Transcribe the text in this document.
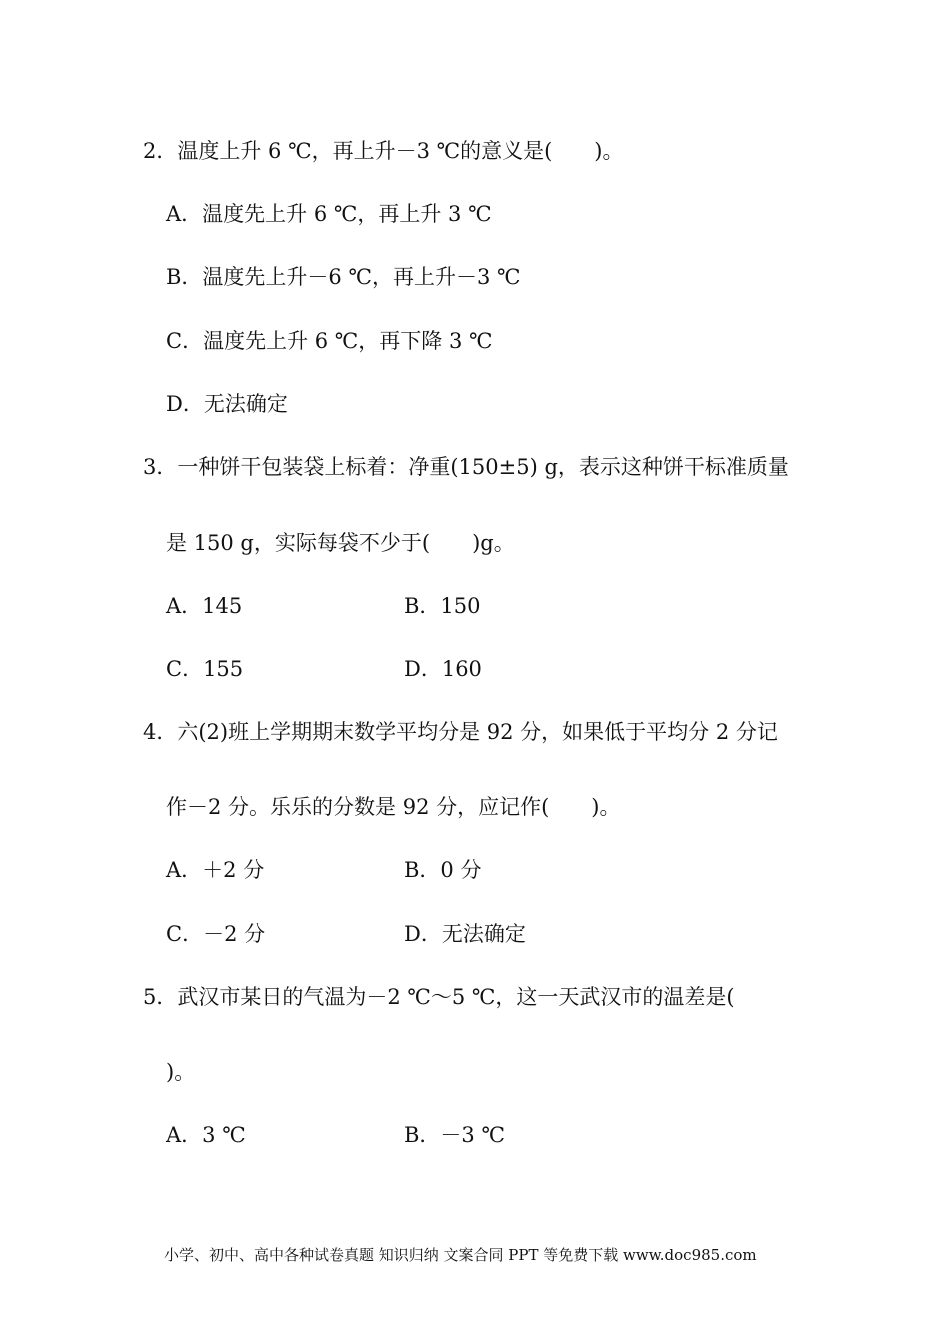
2．温度上升 6 ℃，再上升－3 ℃的意义是(　　)。
A．温度先上升 6 ℃，再上升 3 ℃
B．温度先上升－6 ℃，再上升－3 ℃
C．温度先上升 6 ℃，再下降 3 ℃
D．无法确定
3．一种饼干包装袋上标着：净重(150±5) g，表示这种饼干标准质量
是 150 g，实际每袋不少于(　　)g。
A．145	B．150
C．155	D．160
4．六(2)班上学期期末数学平均分是 92 分，如果低于平均分 2 分记
作－2 分。乐乐的分数是 92 分，应记作(　　)。
A．＋2 分	B．0 分
C．－2 分	D．无法确定
5．武汉市某日的气温为－2 ℃～5 ℃，这一天武汉市的温差是(
)。
A．3 ℃	B．－3 ℃
小学、初中、高中各种试卷真题 知识归纳 文案合同 PPT 等免费下载 www.doc985.com
